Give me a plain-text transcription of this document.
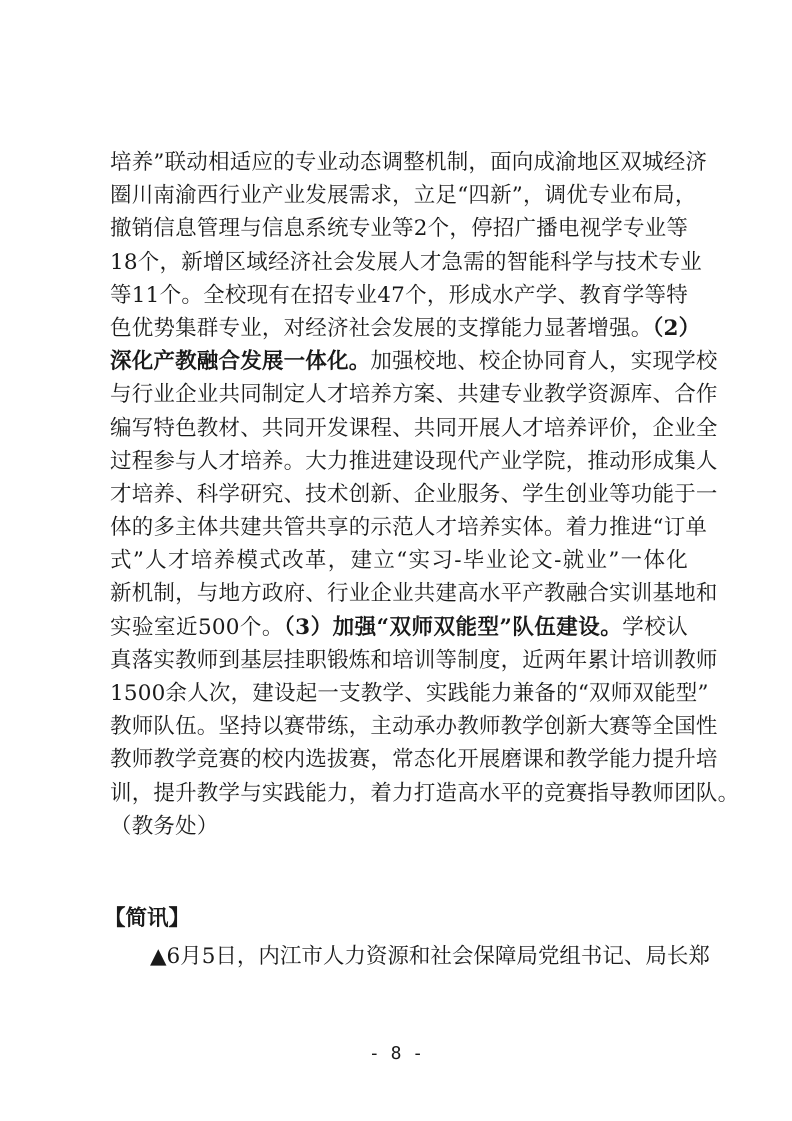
培养”联动相适应的专业动态调整机制，面向成渝地区双城经济
圈川南渝西行业产业发展需求，立足“四新”，调优专业布局，
撤销信息管理与信息系统专业等2个，停招广播电视学专业等
18个，新增区域经济社会发展人才急需的智能科学与技术专业
等11个。全校现有在招专业47个，形成水产学、教育学等特
色优势集群专业，对经济社会发展的支撑能力显著增强。（2）
深化产教融合发展一体化。加强校地、校企协同育人，实现学校
与行业企业共同制定人才培养方案、共建专业教学资源库、合作
编写特色教材、共同开发课程、共同开展人才培养评价，企业全
过程参与人才培养。大力推进建设现代产业学院，推动形成集人
才培养、科学研究、技术创新、企业服务、学生创业等功能于一
体的多主体共建共管共享的示范人才培养实体。着力推进“订单
式”人才培养模式改革，建立“实习-毕业论文-就业”一体化
新机制，与地方政府、行业企业共建高水平产教融合实训基地和
实验室近500个。（3）加强“双师双能型”队伍建设。学校认
真落实教师到基层挂职锻炼和培训等制度，近两年累计培训教师
1500余人次，建设起一支教学、实践能力兼备的“双师双能型”
教师队伍。坚持以赛带练，主动承办教师教学创新大赛等全国性
教师教学竞赛的校内选拔赛，常态化开展磨课和教学能力提升培
训，提升教学与实践能力，着力打造高水平的竞赛指导教师团队。
（教务处）
【简讯】
▲6月5日，内江市人力资源和社会保障局党组书记、局长郑
- 8 -
